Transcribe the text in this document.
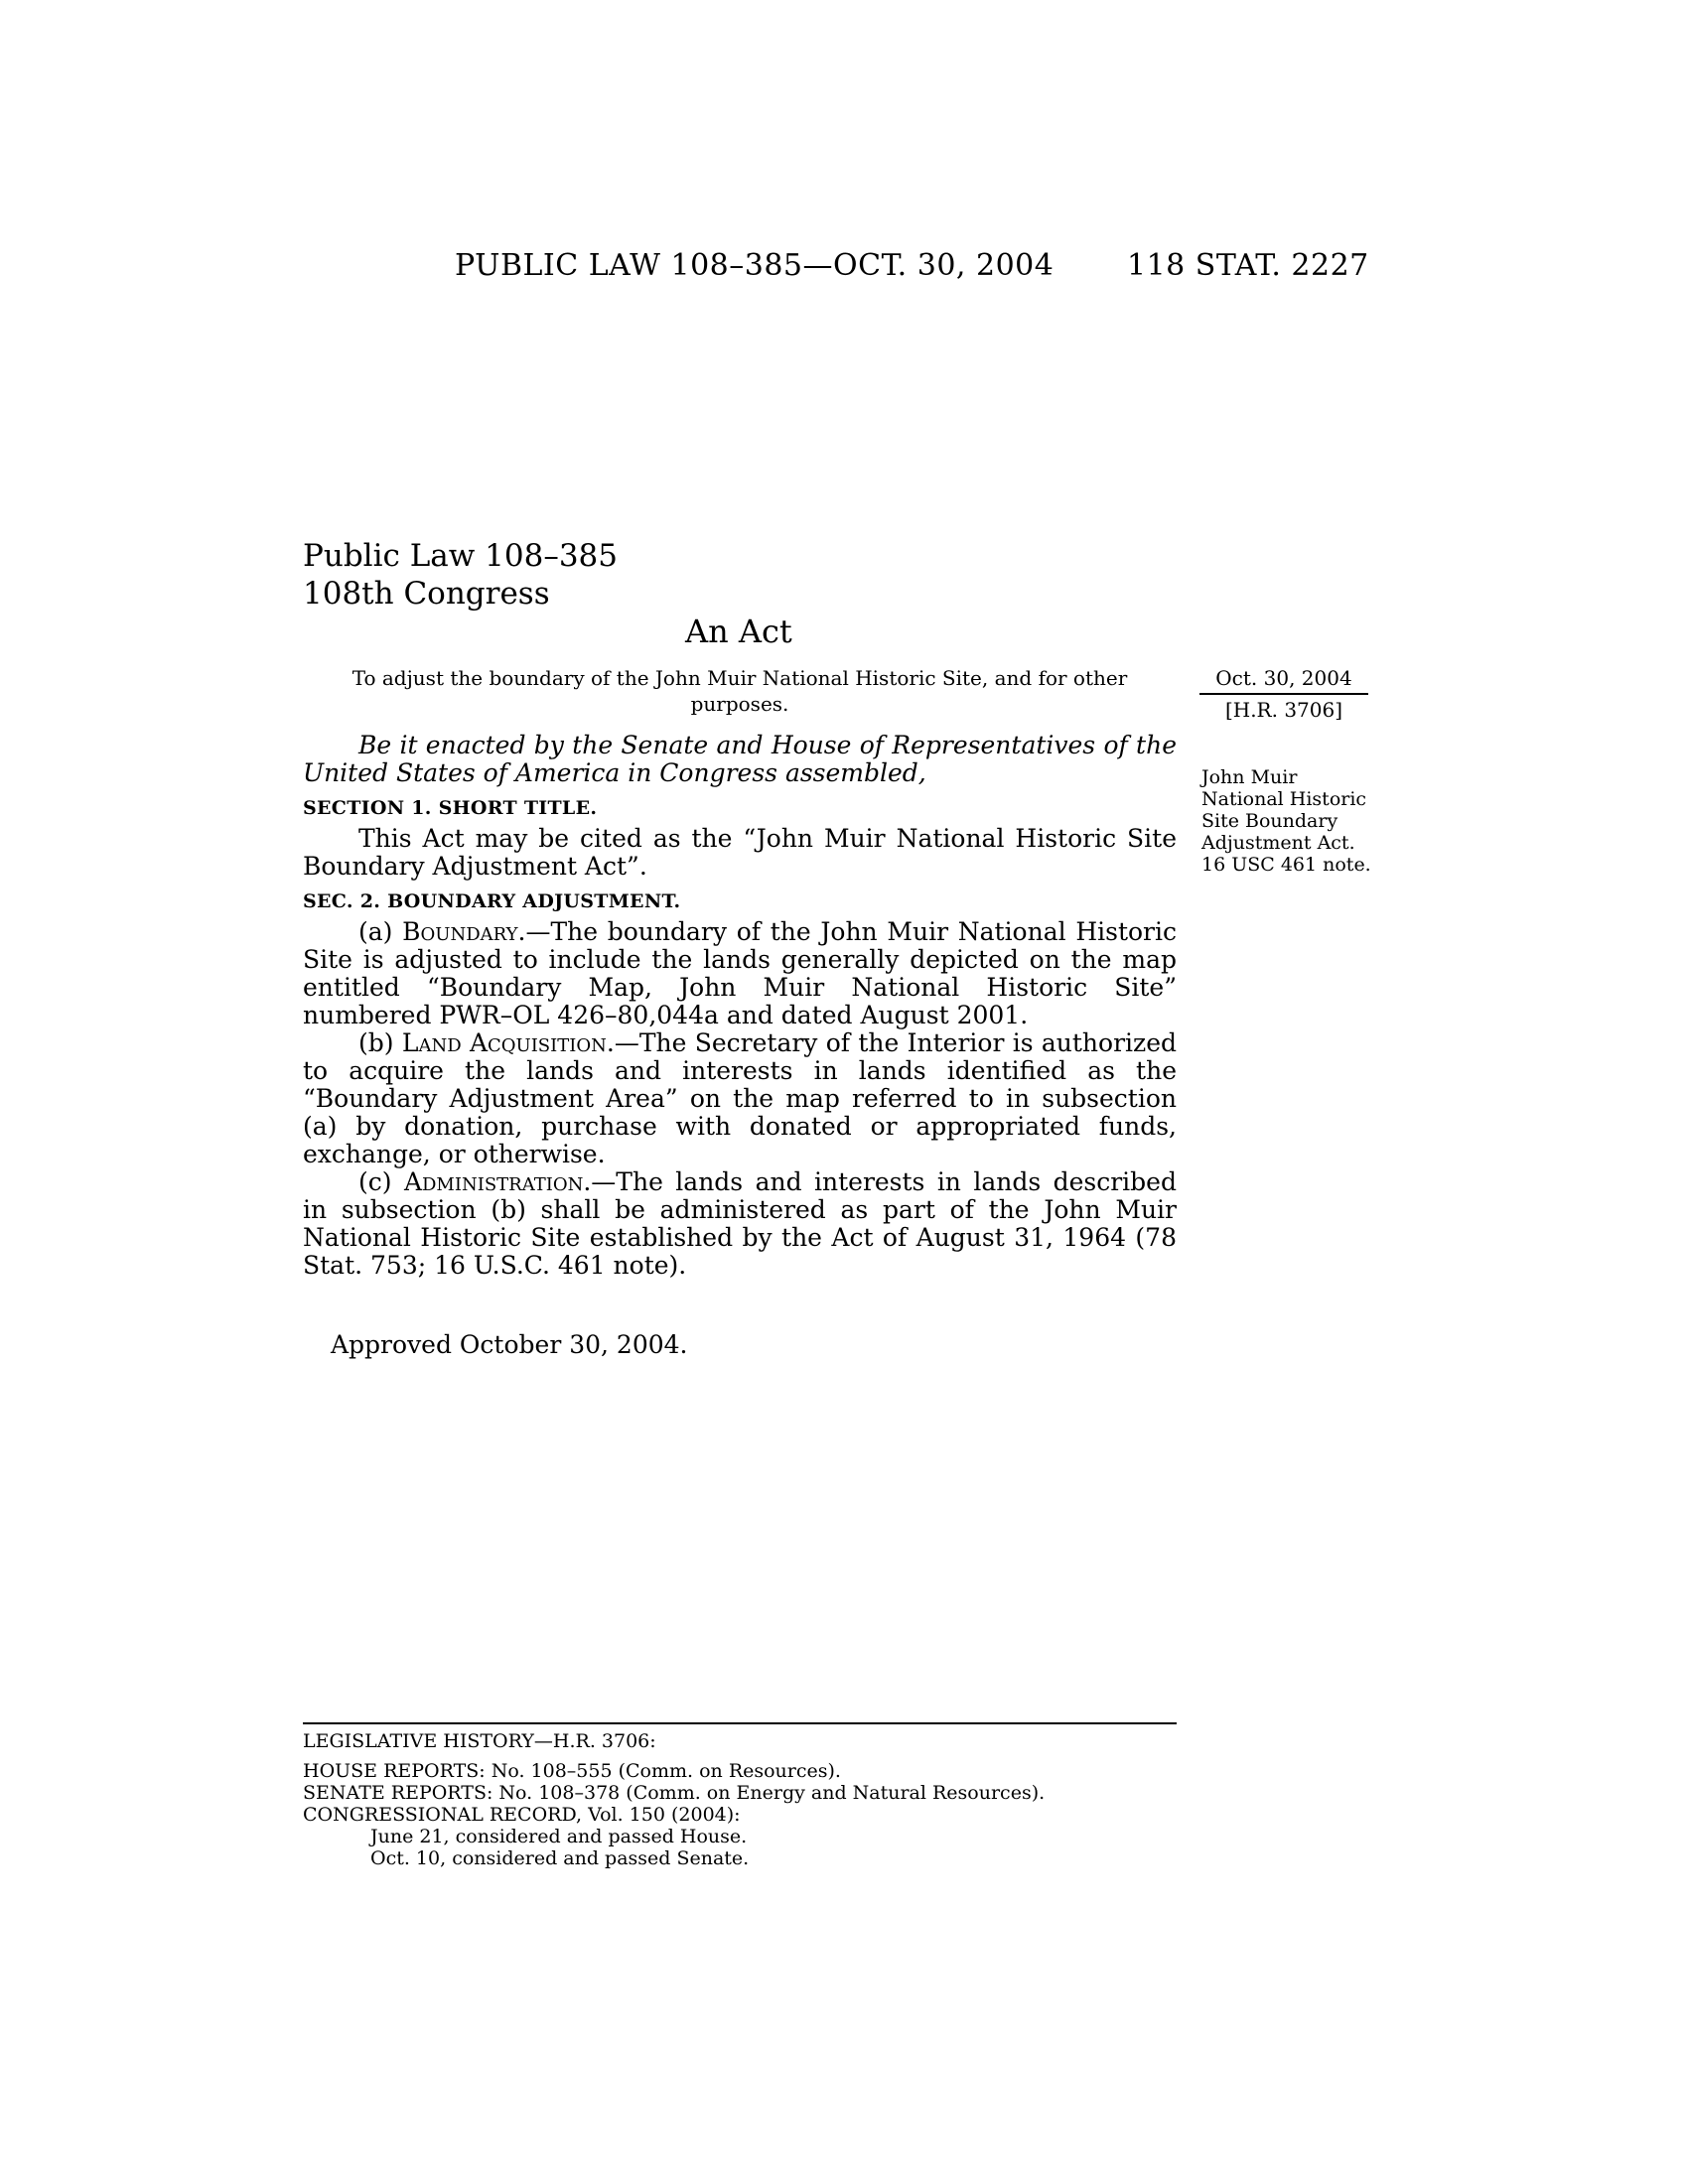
PUBLIC LAW 108–385—OCT. 30, 2004 118 STAT. 2227
Public Law 108–385
108th Congress
An Act
To adjust the boundary of the John Muir National Historic Site, and for other purposes.
Oct. 30, 2004
[H.R. 3706]
John Muir
National Historic
Site Boundary
Adjustment Act.
16 USC 461 note.

Be it enacted by the Senate and House of Representatives of the United States of America in Congress assembled,

SECTION 1. SHORT TITLE.

This Act may be cited as the “John Muir National Historic Site Boundary Adjustment Act”.

SEC. 2. BOUNDARY ADJUSTMENT.

(a) Boundary.—The boundary of the John Muir National Historic Site is adjusted to include the lands generally depicted on the map entitled “Boundary Map, John Muir National Historic Site” numbered PWR–OL 426–80,044a and dated August 2001.

(b) Land Acquisition.—The Secretary of the Interior is authorized to acquire the lands and interests in lands identified as the “Boundary Adjustment Area” on the map referred to in subsection (a) by donation, purchase with donated or appropriated funds, exchange, or otherwise.

(c) Administration.—The lands and interests in lands described in subsection (b) shall be administered as part of the John Muir National Historic Site established by the Act of August 31, 1964 (78 Stat. 753; 16 U.S.C. 461 note).

Approved October 30, 2004.
LEGISLATIVE HISTORY—H.R. 3706:
HOUSE REPORTS: No. 108–555 (Comm. on Resources).
SENATE REPORTS: No. 108–378 (Comm. on Energy and Natural Resources).
CONGRESSIONAL RECORD, Vol. 150 (2004):
June 21, considered and passed House.
Oct. 10, considered and passed Senate.
